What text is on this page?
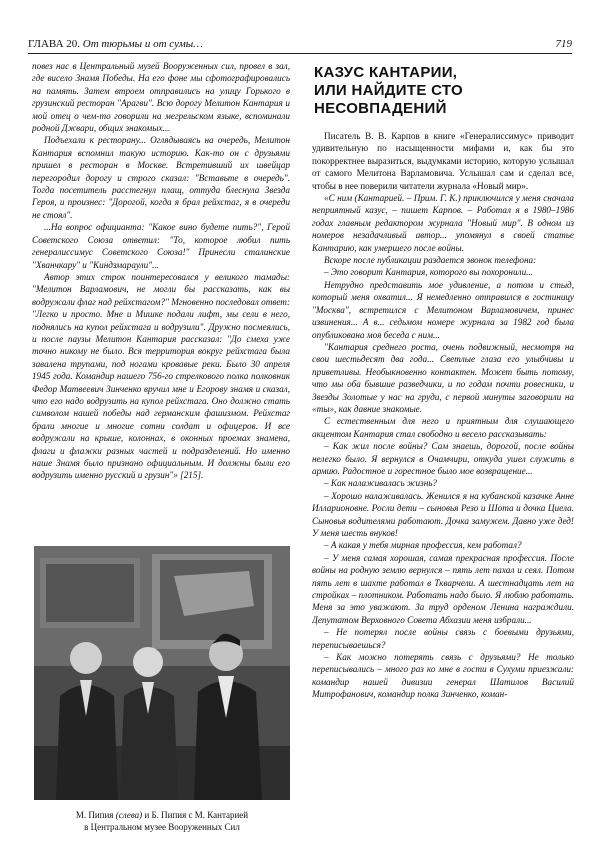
ГЛАВА 20. От тюрьмы и от сумы…	719

повез нас в Центральный музей Вооруженных сил, провел в зал, где висело Знамя Победы. На его фоне мы сфотографировались на память. Затем втроем отправились на улицу Горького в грузинский ресторан "Арагви". Всю дорогу Мелитон Кантария и мой отец о чем-то говорили на мегрельском языке, вспоминали родной Джвари, общих знакомых...

Подъехали к ресторану... Оглядываясь на очередь, Мелитон Кантария вспомнил такую историю. Как-то он с друзьями пришел в ресторан в Москве. Встретивший их швейцар перегородил дорогу и строго сказал: "Вставьте в очередь". Тогда посетитель расстегнул плащ, оттуда блеснула Звезда Героя, и произнес: "Дорогой, когда я брал рейхстаг, я в очереди не стоял".

...На вопрос официанта: "Какое вино будете пить?", Герой Советского Союза ответил: "То, которое любил пить генералиссимус Советского Союза!" Принесли сталинские "Хванчкару" и "Киндзмараули"...

Автор этих строк поинтересовался у великого тамады: "Мелитон Варламович, не могли бы рассказать, как вы водружали флаг над рейхстагом?" Мгновенно последовал ответ: "Легко и просто. Мне и Мишке подали лифт, мы сели в него, поднялись на купол рейхстага и водрузили". Дружно посмеялись, и после паузы Мелитон Кантария рассказал: "До смеха уже точно никому не было. Вся территория вокруг рейхстага была завалена трупами, под ногами кровавые реки. Было 30 апреля 1945 года. Командир нашего 756-го стрелкового полка полковник Федор Матвеевич Зинченко вручил мне и Егорову знамя и сказал, что его надо водрузить на купол рейхстага. Оно должно стать символом нашей победы над германским фашизмом. Рейхстаг брали многие и многие сотни солдат и офицеров. И все водружали на крыше, колоннах, в оконных проемах знамена, флаги и флажки разных частей и подразделений. Но именно наше Знамя было признано официальным. И должны были его водрузить именно русский и грузин"» [215].

М. Пипия (слева) и Б. Пипия с М. Кантарией
в Центральном музее Вооруженных Сил
КАЗУС КАНТАРИИ,
ИЛИ НАЙДИТЕ СТО
НЕСОВПАДЕНИЙ

Писатель В. В. Карпов в книге «Генералиссимус» приводит удивительную по насыщенности мифами и, как бы это покорректнее выразиться, выдумками историю, которую услышал от самого Мелитона Варламовича. Услышал сам и сделал все, чтобы в нее поверили читатели журнала «Новый мир».

«С ним (Кантарией. – Прим. Г. К.) приключился у меня сначала неприятный казус, – пишет Карпов. – Работал я в 1980–1986 годах главным редактором журнала "Новый мир". В одном из номеров незадачливый автор... упомянул в своей статье Кантарию, как умершего после войны.

Вскоре после публикации раздается звонок телефона:

– Это говорит Кантария, которого вы похоронили...

Нетрудно представить мое удивление, а потом и стыд, который меня охватил... Я немедленно отправился в гостиницу "Москва", встретился с Мелитоном Варламовичем, принес извинения... А в... седьмом номере журнала за 1982 год была опубликована моя беседа с ним...

"Кантария среднего роста, очень подвижный, несмотря на свои шестьдесят два года... Светлые глаза его улыбчивы и приветливы. Необыкновенно контактен. Может быть потому, что мы оба бывшие разведчики, и по годам почти ровесники, и Звезды Золотые у нас на груди, с первой минуты заговорили на «ты», как давние знакомые.

С естественным для него и приятным для слушающего акцентом Кантария стал свободно и весело рассказывать:

– Как жил после войны? Сам знаешь, дорогой, после войны нелегко было. Я вернулся в Очамчири, откуда ушел служить в армию. Радостное и горестное было мое возвращение...

– Как налаживалась жизнь?

– Хорошо налаживалась. Женился я на кубанской казачке Анне Илларионовне. Росли дети – сыновья Резо и Шота и дочка Циела. Сыновья водителями работают. Дочка замужем. Давно уже дед! У меня шесть внуков!

– А какая у тебя мирная профессия, кем работал?

– У меня самая хорошая, самая прекрасная профессия. После войны на родную землю вернулся – пять лет пахал и сеял. Потом пять лет в шахте работал в Ткварчели. А шестнадцать лет на стройках – плотником. Работать надо было. Я люблю работать. Меня за это уважают. За труд орденом Ленина награждили. Депутатом Верховного Совета Абхазии меня избрали...

– Не потерял после войны связь с боевыми друзьями, переписываешься?

– Как можно потерять связь с друзьями? Не только переписывались – много раз ко мне в гости в Сухуми приезжали: командир нашей дивизии генерал Шатилов Василий Митрофанович, командир полка Зинченко, коман-
